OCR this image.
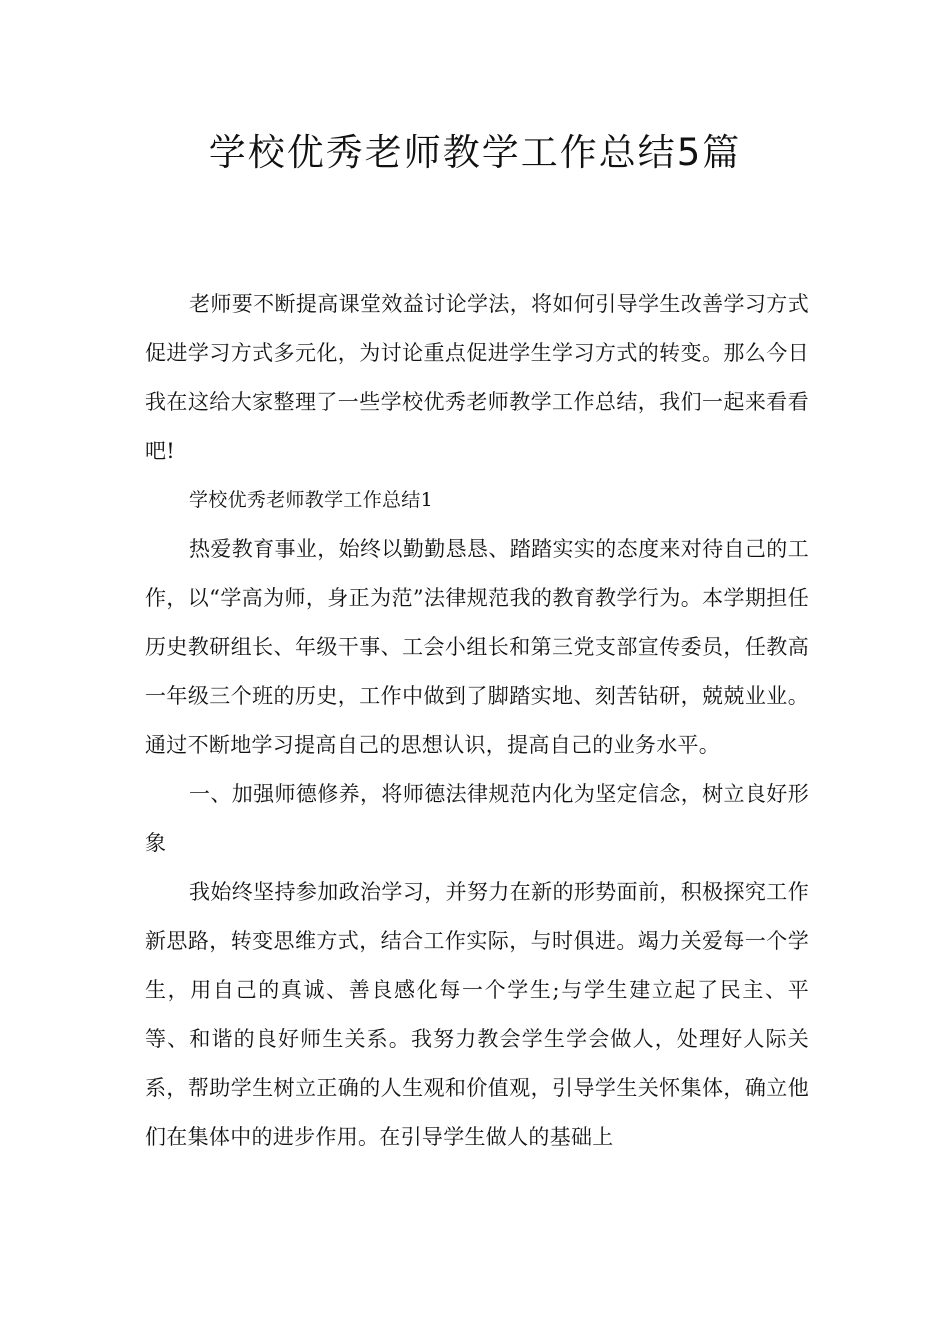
学校优秀老师教学工作总结5篇

老师要不断提高课堂效益讨论学法，将如何引导学生改善学习方式促进学习方式多元化，为讨论重点促进学生学习方式的转变。那么今日我在这给大家整理了一些学校优秀老师教学工作总结，我们一起来看看吧!

学校优秀老师教学工作总结1

热爱教育事业，始终以勤勤恳恳、踏踏实实的态度来对待自己的工作，以“学高为师，身正为范”法律规范我的教育教学行为。本学期担任历史教研组长、年级干事、工会小组长和第三党支部宣传委员，任教高一年级三个班的历史，工作中做到了脚踏实地、刻苦钻研，兢兢业业。通过不断地学习提高自己的思想认识，提高自己的业务水平。

一、加强师德修养，将师德法律规范内化为坚定信念，树立良好形象

我始终坚持参加政治学习，并努力在新的形势面前，积极探究工作新思路，转变思维方式，结合工作实际，与时俱进。竭力关爱每一个学生，用自己的真诚、善良感化每一个学生;与学生建立起了民主、平等、和谐的良好师生关系。我努力教会学生学会做人，处理好人际关系，帮助学生树立正确的人生观和价值观，引导学生关怀集体，确立他们在集体中的进步作用。在引导学生做人的基础上
